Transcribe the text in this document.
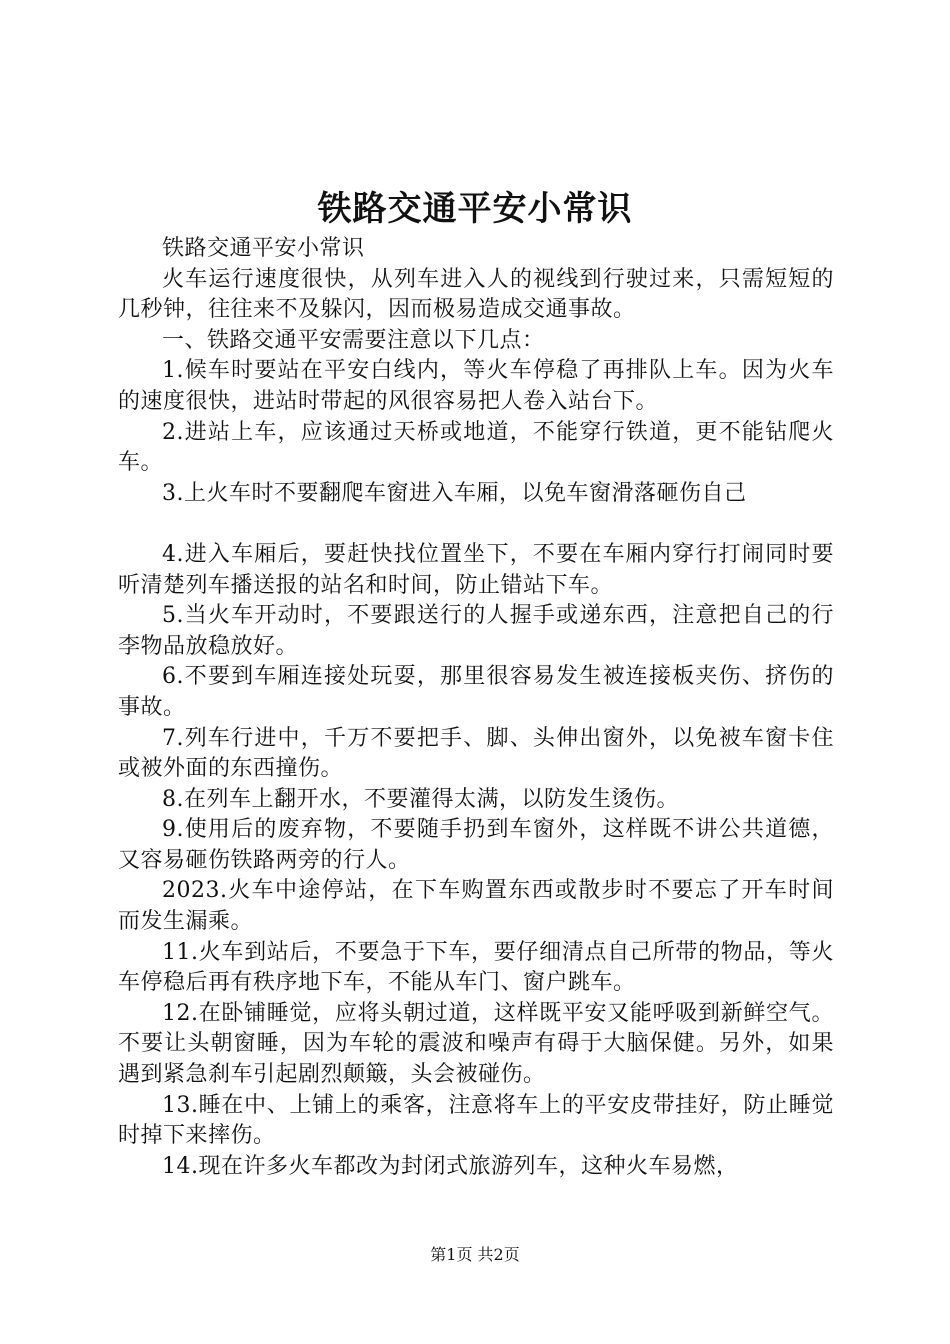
铁路交通平安小常识

铁路交通平安小常识

火车运行速度很快，从列车进入人的视线到行驶过来，只需短短的几秒钟，往往来不及躲闪，因而极易造成交通事故。

一、铁路交通平安需要注意以下几点：

1.候车时要站在平安白线内，等火车停稳了再排队上车。因为火车的速度很快，进站时带起的风很容易把人卷入站台下。

2.进站上车，应该通过天桥或地道，不能穿行铁道，更不能钻爬火车。

3.上火车时不要翻爬车窗进入车厢，以免车窗滑落砸伤自己

4.进入车厢后，要赶快找位置坐下，不要在车厢内穿行打闹同时要听清楚列车播送报的站名和时间，防止错站下车。

5.当火车开动时，不要跟送行的人握手或递东西，注意把自己的行李物品放稳放好。

6.不要到车厢连接处玩耍，那里很容易发生被连接板夹伤、挤伤的事故。

7.列车行进中，千万不要把手、脚、头伸出窗外，以免被车窗卡住或被外面的东西撞伤。

8.在列车上翻开水，不要灌得太满，以防发生烫伤。

9.使用后的废弃物，不要随手扔到车窗外，这样既不讲公共道德，又容易砸伤铁路两旁的行人。

2023.火车中途停站，在下车购置东西或散步时不要忘了开车时间而发生漏乘。

11.火车到站后，不要急于下车，要仔细清点自己所带的物品，等火车停稳后再有秩序地下车，不能从车门、窗户跳车。

12.在卧铺睡觉，应将头朝过道，这样既平安又能呼吸到新鲜空气。不要让头朝窗睡，因为车轮的震波和噪声有碍于大脑保健。另外，如果遇到紧急刹车引起剧烈颠簸，头会被碰伤。

13.睡在中、上铺上的乘客，注意将车上的平安皮带挂好，防止睡觉时掉下来摔伤。

14.现在许多火车都改为封闭式旅游列车，这种火车易燃，

第1页 共2页
